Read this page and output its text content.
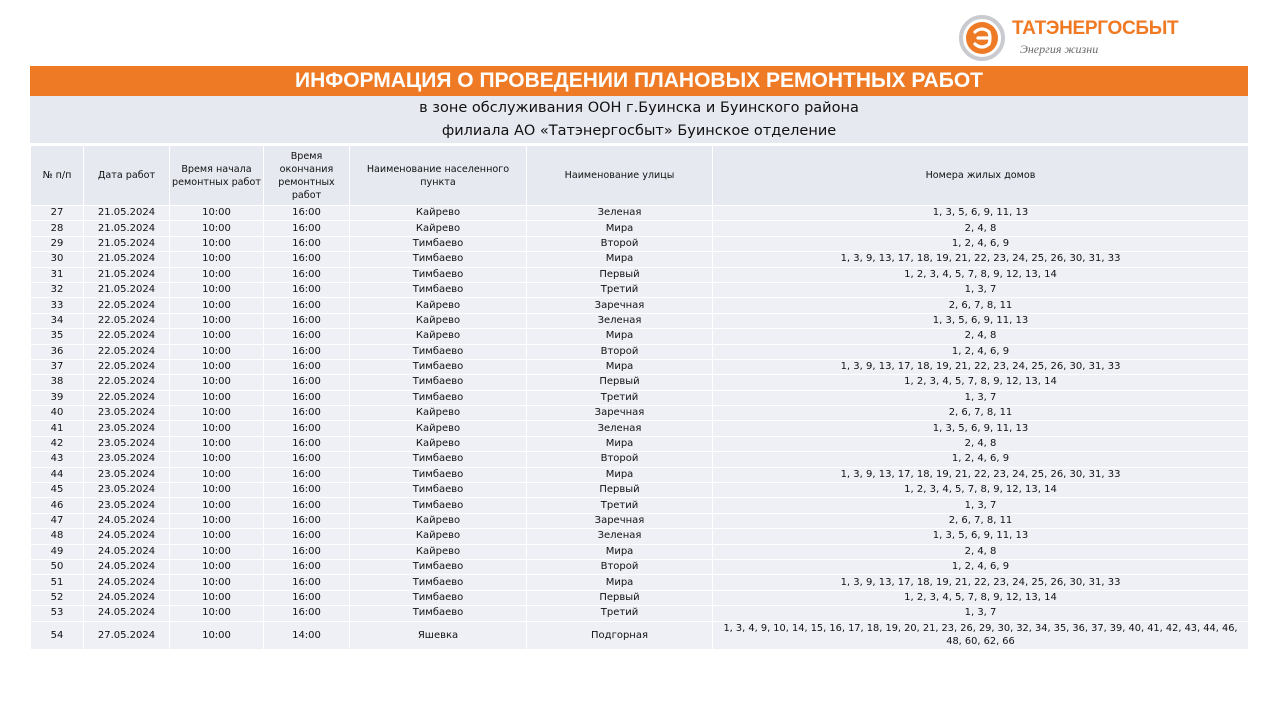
ТАТЭНЕРГОСБЫТ
Энергия жизни
ИНФОРМАЦИЯ О ПРОВЕДЕНИИ ПЛАНОВЫХ РЕМОНТНЫХ РАБОТ
в зоне обслуживания ООН г.Буинска и Буинского района
филиала АО «Татэнергосбыт» Буинское отделение
№ п/п	Дата работ	Время начала ремонтных работ	Время окончания ремонтных работ	Наименование населенного пункта	Наименование улицы	Номера жилых домов
27	21.05.2024	10:00	16:00	Кайрево	Зеленая	1, 3, 5, 6, 9, 11, 13
28	21.05.2024	10:00	16:00	Кайрево	Мира	2, 4, 8
29	21.05.2024	10:00	16:00	Тимбаево	Второй	1, 2, 4, 6, 9
30	21.05.2024	10:00	16:00	Тимбаево	Мира	1, 3, 9, 13, 17, 18, 19, 21, 22, 23, 24, 25, 26, 30, 31, 33
31	21.05.2024	10:00	16:00	Тимбаево	Первый	1, 2, 3, 4, 5, 7, 8, 9, 12, 13, 14
32	21.05.2024	10:00	16:00	Тимбаево	Третий	1, 3, 7
33	22.05.2024	10:00	16:00	Кайрево	Заречная	2, 6, 7, 8, 11
34	22.05.2024	10:00	16:00	Кайрево	Зеленая	1, 3, 5, 6, 9, 11, 13
35	22.05.2024	10:00	16:00	Кайрево	Мира	2, 4, 8
36	22.05.2024	10:00	16:00	Тимбаево	Второй	1, 2, 4, 6, 9
37	22.05.2024	10:00	16:00	Тимбаево	Мира	1, 3, 9, 13, 17, 18, 19, 21, 22, 23, 24, 25, 26, 30, 31, 33
38	22.05.2024	10:00	16:00	Тимбаево	Первый	1, 2, 3, 4, 5, 7, 8, 9, 12, 13, 14
39	22.05.2024	10:00	16:00	Тимбаево	Третий	1, 3, 7
40	23.05.2024	10:00	16:00	Кайрево	Заречная	2, 6, 7, 8, 11
41	23.05.2024	10:00	16:00	Кайрево	Зеленая	1, 3, 5, 6, 9, 11, 13
42	23.05.2024	10:00	16:00	Кайрево	Мира	2, 4, 8
43	23.05.2024	10:00	16:00	Тимбаево	Второй	1, 2, 4, 6, 9
44	23.05.2024	10:00	16:00	Тимбаево	Мира	1, 3, 9, 13, 17, 18, 19, 21, 22, 23, 24, 25, 26, 30, 31, 33
45	23.05.2024	10:00	16:00	Тимбаево	Первый	1, 2, 3, 4, 5, 7, 8, 9, 12, 13, 14
46	23.05.2024	10:00	16:00	Тимбаево	Третий	1, 3, 7
47	24.05.2024	10:00	16:00	Кайрево	Заречная	2, 6, 7, 8, 11
48	24.05.2024	10:00	16:00	Кайрево	Зеленая	1, 3, 5, 6, 9, 11, 13
49	24.05.2024	10:00	16:00	Кайрево	Мира	2, 4, 8
50	24.05.2024	10:00	16:00	Тимбаево	Второй	1, 2, 4, 6, 9
51	24.05.2024	10:00	16:00	Тимбаево	Мира	1, 3, 9, 13, 17, 18, 19, 21, 22, 23, 24, 25, 26, 30, 31, 33
52	24.05.2024	10:00	16:00	Тимбаево	Первый	1, 2, 3, 4, 5, 7, 8, 9, 12, 13, 14
53	24.05.2024	10:00	16:00	Тимбаево	Третий	1, 3, 7
54	27.05.2024	10:00	14:00	Яшевка	Подгорная	1, 3, 4, 9, 10, 14, 15, 16, 17, 18, 19, 20, 21, 23, 26, 29, 30, 32, 34, 35, 36, 37, 39, 40, 41, 42, 43, 44, 46, 48, 60, 62, 66
